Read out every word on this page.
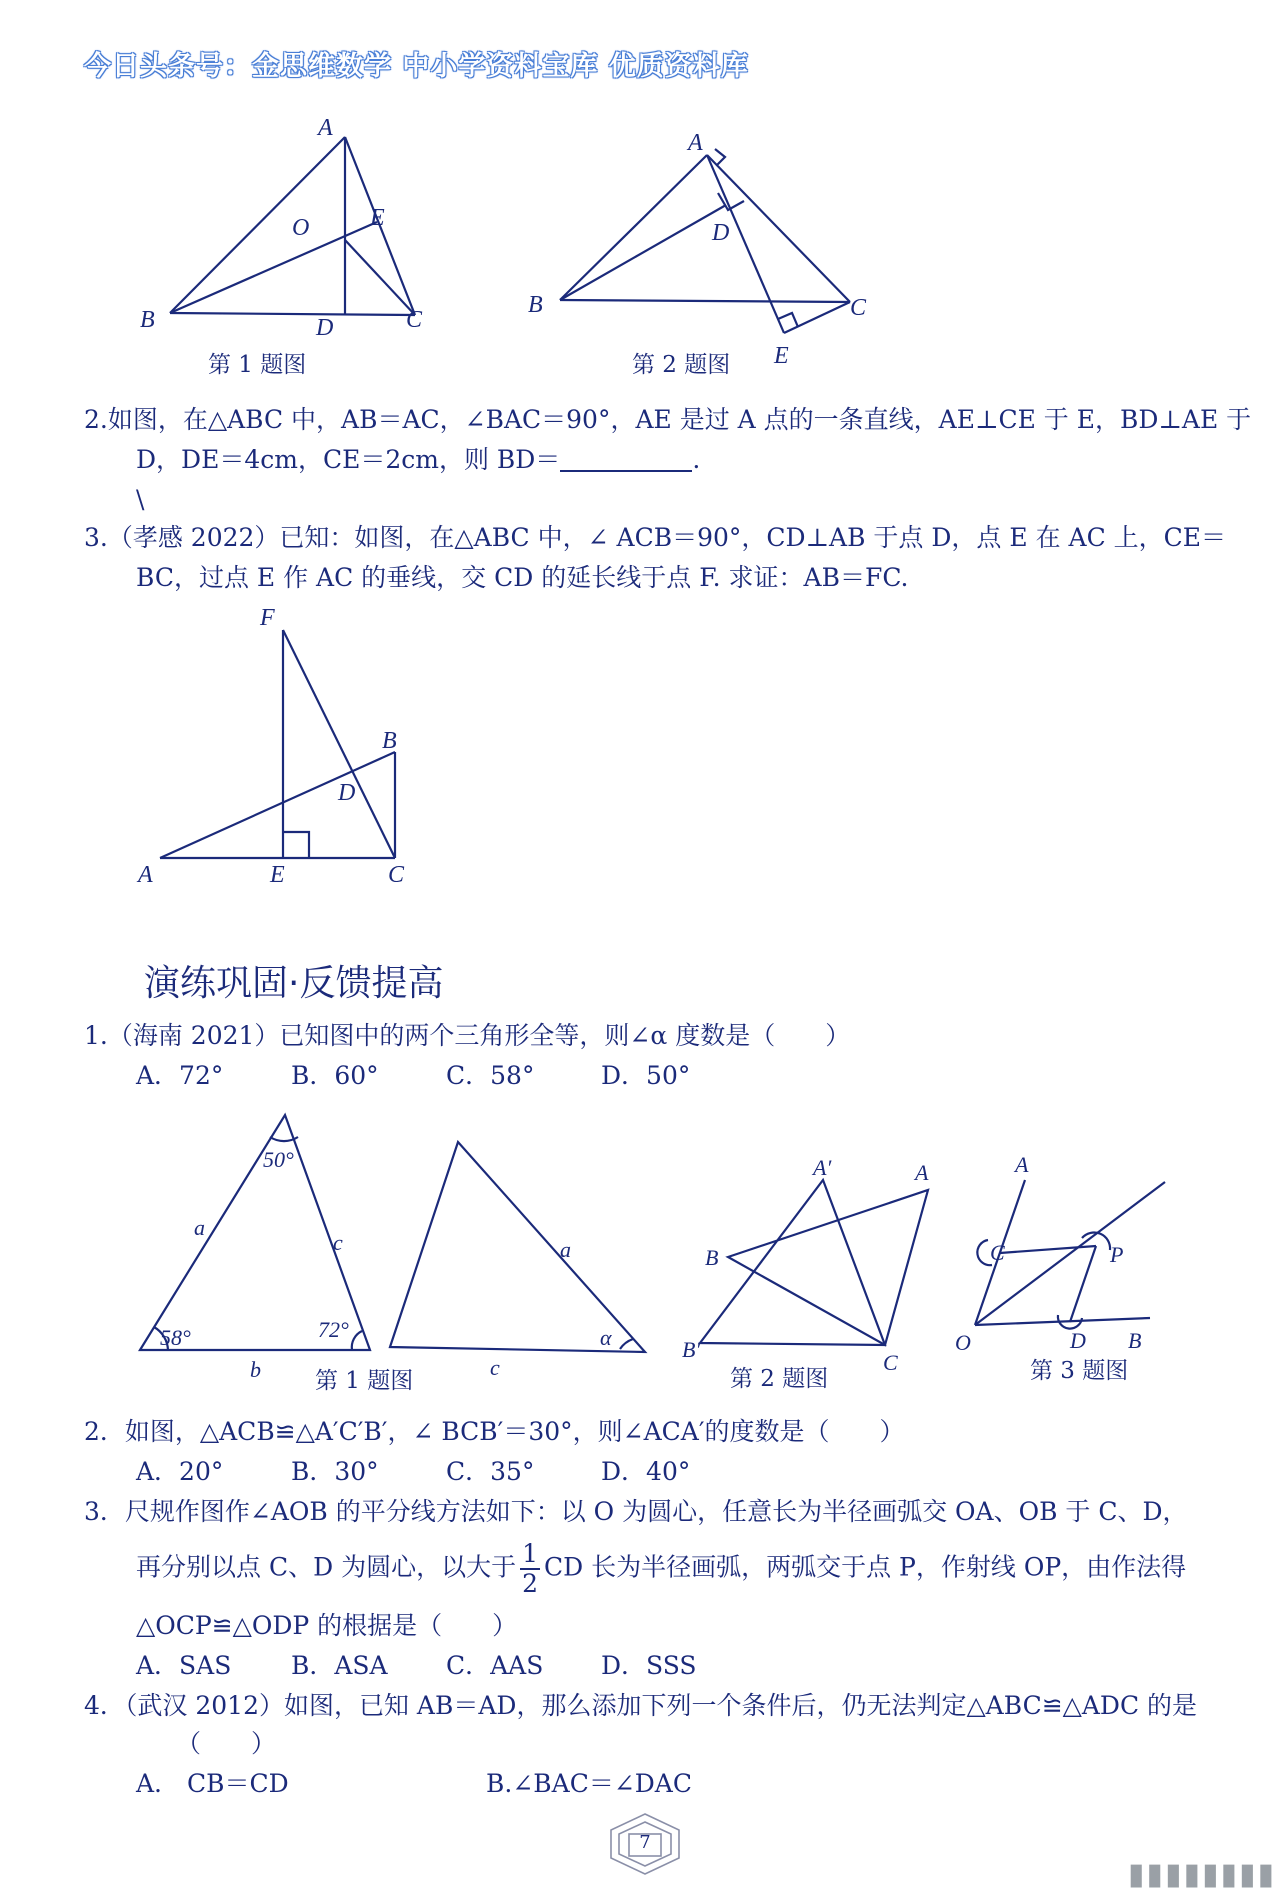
今日头条号：金思维数学 中小学资料宝库 优质资料库
A
O	E
B	D	C
第 1 题图
A
D
B	C
E
第 2 题图
2.如图，在△ABC 中，AB＝AC，∠BAC＝90°，AE 是过 A 点的一条直线，AE⊥CE 于 E，BD⊥AE 于
D，DE＝4cm，CE＝2cm，则 BD＝	.
\
3.（孝感 2022）已知：如图，在△ABC 中，∠ ACB＝90°，CD⊥AB 于点 D，点 E 在 AC 上，CE＝
BC，过点 E 作 AC 的垂线，交 CD 的延长线于点 F. 求证：AB＝FC.
F
B
D
A	E	C
演练巩固·反馈提高
1.（海南 2021）已知图中的两个三角形全等，则∠α 度数是（　　）
A．72°	B．60°	C．58°	D．50°
50°
a
c
58°	72°
b
a
c
α
第 1 题图
A′	A
B
B′
C
第 2 题图
A
C	P
O	D B
第 3 题图
2．如图，△ACB≌△A′C′B′，∠ BCB′＝30°，则∠ACA′的度数是（　　）
A．20°	B．30°	C．35°	D．40°
3．尺规作图作∠AOB 的平分线方法如下：以 O 为圆心，任意长为半径画弧交 OA、OB 于 C、D，
再分别以点 C、D 为圆心，以大于 $\frac{1}{2}$ CD 长为半径画弧，两弧交于点 P，作射线 OP，由作法得
△OCP≌△ODP 的根据是（　　）
A．SAS B．ASA C．AAS D．SSS
4．（武汉 2012）如图，已知 AB＝AD，那么添加下列一个条件后，仍无法判定△ABC≌△ADC 的是
（　　）
A.　CB＝CD	B.∠BAC＝∠DAC
7
▮▮▮▮▮▮▮▮
